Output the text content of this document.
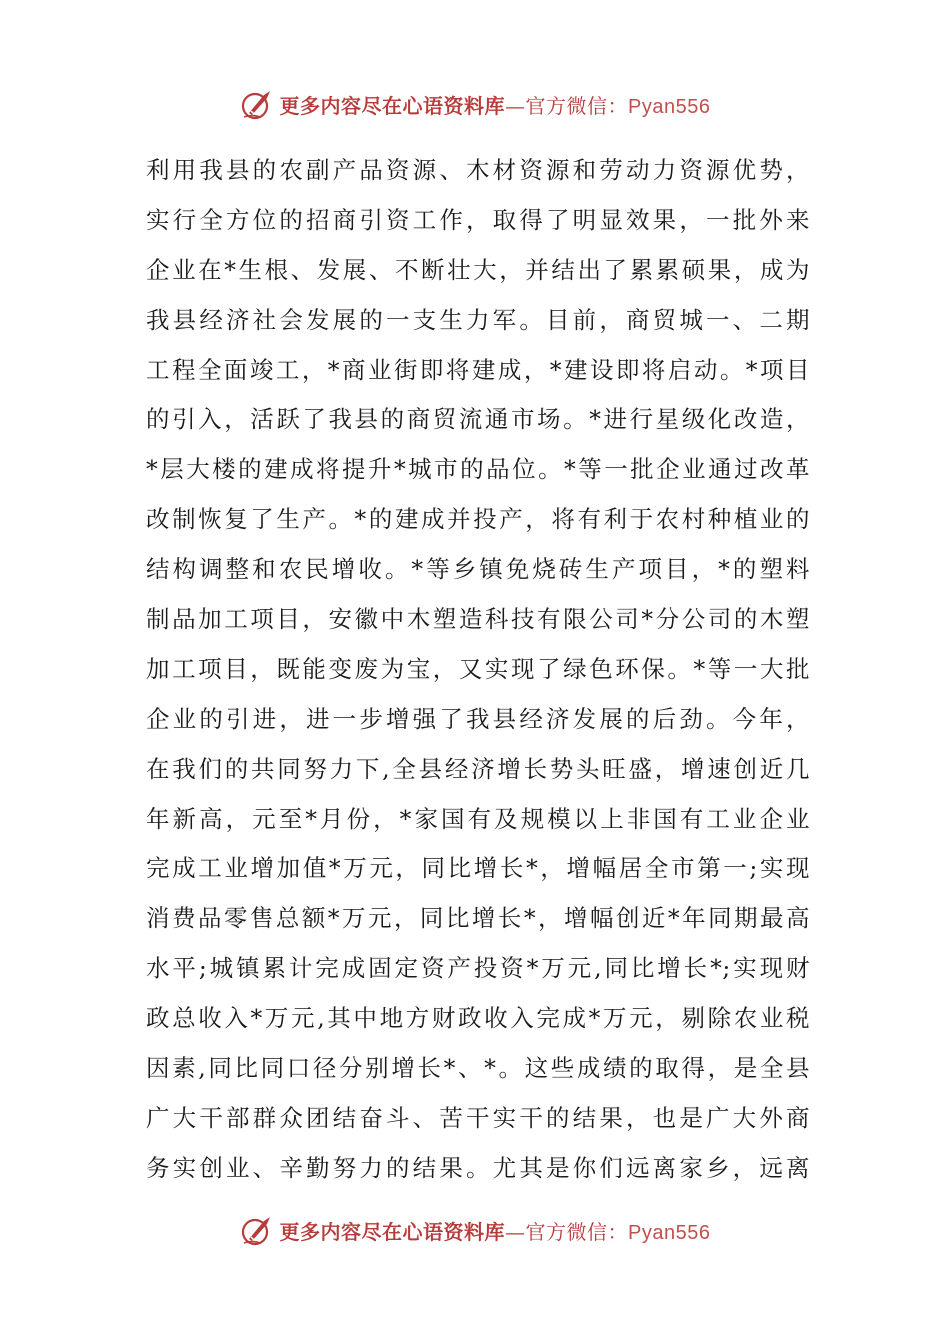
更多内容尽在心语资料库—官方微信：Pyan556
利用我县的农副产品资源、木材资源和劳动力资源优势，
实行全方位的招商引资工作，取得了明显效果，一批外来
企业在*生根、发展、不断壮大，并结出了累累硕果，成为
我县经济社会发展的一支生力军。目前，商贸城一、二期
工程全面竣工，*商业街即将建成，*建设即将启动。*项目
的引入，活跃了我县的商贸流通市场。*进行星级化改造，
*层大楼的建成将提升*城市的品位。*等一批企业通过改革
改制恢复了生产。*的建成并投产，将有利于农村种植业的
结构调整和农民增收。*等乡镇免烧砖生产项目，*的塑料
制品加工项目，安徽中木塑造科技有限公司*分公司的木塑
加工项目，既能变废为宝，又实现了绿色环保。*等一大批
企业的引进，进一步增强了我县经济发展的后劲。今年，
在我们的共同努力下,全县经济增长势头旺盛，增速创近几
年新高，元至*月份，*家国有及规模以上非国有工业企业
完成工业增加值*万元，同比增长*，增幅居全市第一;实现
消费品零售总额*万元，同比增长*，增幅创近*年同期最高
水平;城镇累计完成固定资产投资*万元,同比增长*;实现财
政总收入*万元,其中地方财政收入完成*万元，剔除农业税
因素,同比同口径分别增长*、*。这些成绩的取得，是全县
广大干部群众团结奋斗、苦干实干的结果，也是广大外商
务实创业、辛勤努力的结果。尤其是你们远离家乡，远离
更多内容尽在心语资料库—官方微信：Pyan556
